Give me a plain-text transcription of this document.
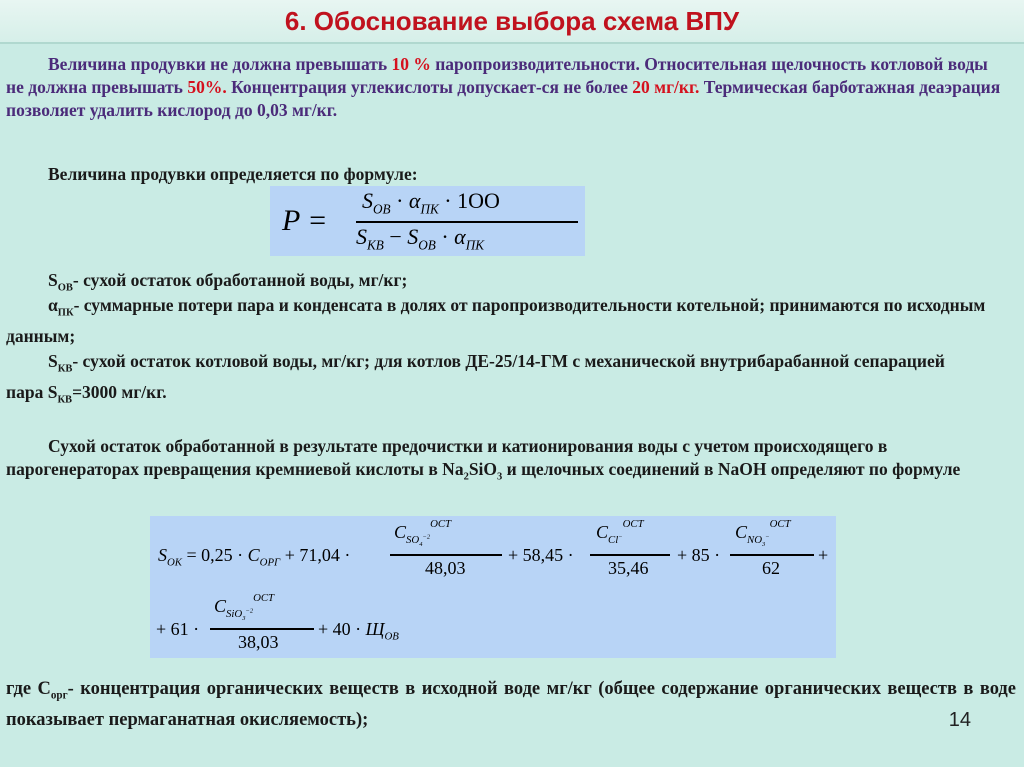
6. Обоснование выбора схема ВПУ
Величина продувки не должна превышать 10 % паропроизводительности. Относительная щелочность котловой воды не должна превышать 50%. Концентрация углекислоты допускает-ся не более 20 мг/кг. Термическая барботажная деаэрация позволяет удалить кислород до 0,03 мг/кг.
Величина продувки определяется по формуле:
P =
$S_{ОВ} \cdot \alpha_{ПК} \cdot 1OO$
$S_{КВ} - S_{ОВ} \cdot \alpha_{ПК}$
$S_{ОВ}-$ сухой остаток обработанной воды, мг/кг;
$\alpha_{ПК}-$ суммарные потери пара и конденсата в долях от паропроизводительности котельной; принимаются по исходным данным;
$S_{КВ}-$ сухой остаток котловой воды, мг/кг; для котлов ДЕ-25/14-ГМ с механической внутрибарабанной сепарацией пара $S_{КВ}=3000$ мг/кг.
Сухой остаток обработанной в результате предочистки и катионирования воды с учетом происходящего в парогенераторах превращения кремниевой кислоты в $Na_2SiO_3$ и щелочных соединений в NaOH определяют по формуле
$S_{ОК} = 0,25 \cdot C_{ОРГ} + 71,04$ ·
$C_{SO_4^{-2}}^{ОСТ}$
48,03
+ 58,45 ·
$C_{Cl^-}^{ОСТ}$
35,46
+ 85 ·
$C_{NO_3^-}^{ОСТ}$
62
+
+ 61 ·
$C_{SiO_3^{-2}}^{ОСТ}$
38,03
+ $40 \cdot Щ_{ОВ}$
где $C_{орг}-$ концентрация органических веществ в исходной воде мг/кг (общее содержание органических веществ в воде показывает пермаганатная окисляемость);	14
